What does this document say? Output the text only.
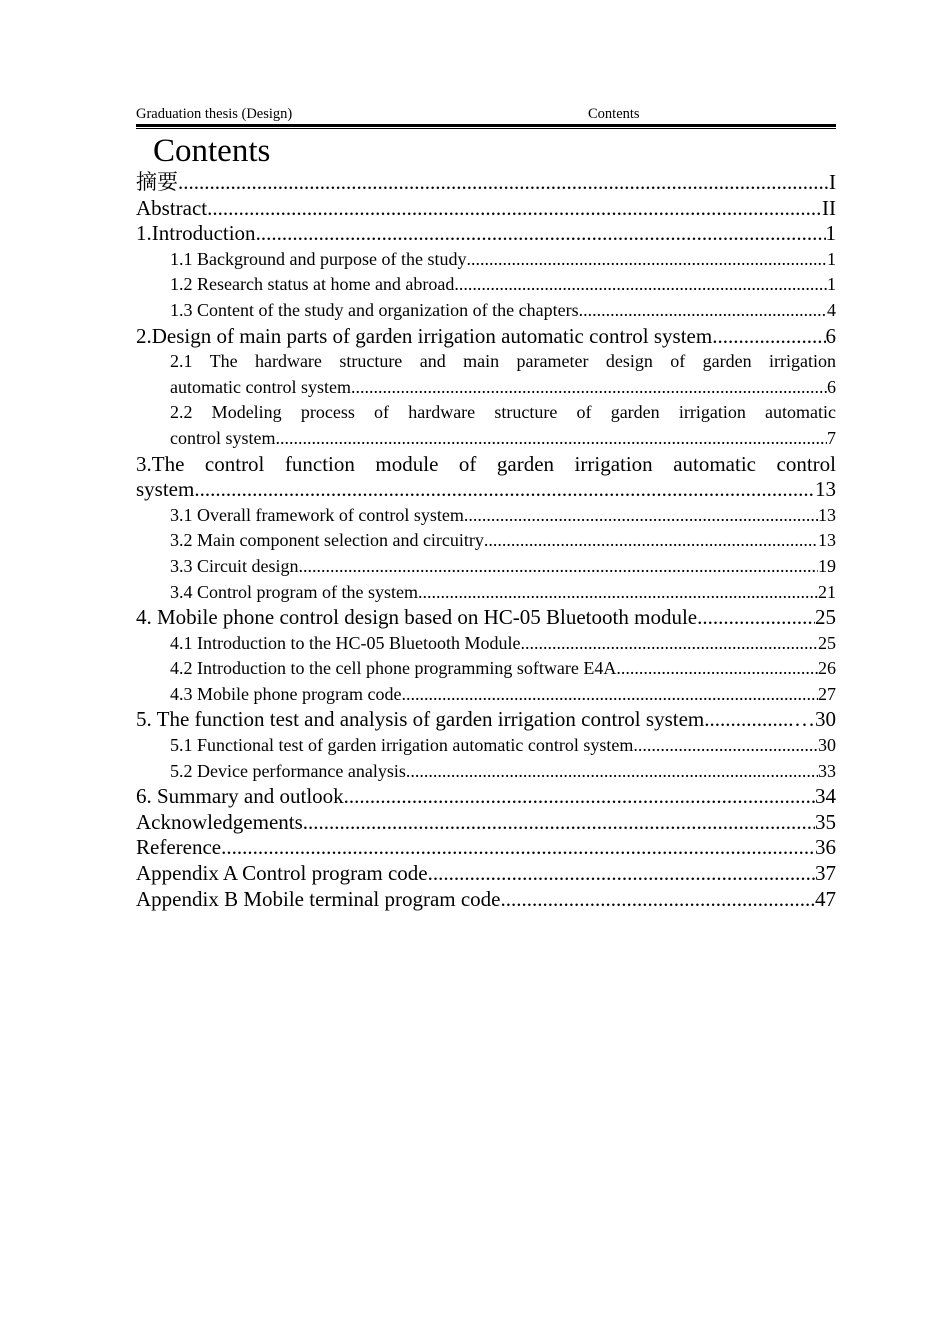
Graduation thesis (Design)	Contents
Contents
摘要 .....	I
Abstract .....	II
1.Introduction .....	1
1.1 Background and purpose of the study .....	1
1.2 Research status at home and abroad .....	1
1.3 Content of the study and organization of the chapters .....	4
2.Design of main parts of garden irrigation automatic control system .....	6
2.1 The hardware structure and main parameter design of garden irrigation
automatic control system .....	6
2.2 Modeling process of hardware structure of garden irrigation automatic
control system .....	7
3.The control function module of garden irrigation automatic control
system .....	13
3.1 Overall framework of control system .....	13
3.2 Main component selection and circuitry .....	13
3.3 Circuit design .....	19
3.4 Control program of the system .....	21
4. Mobile phone control design based on HC-05 Bluetooth module .....	25
4.1 Introduction to the HC-05 Bluetooth Module .....	25
4.2 Introduction to the cell phone programming software E4A .....	26
4.3 Mobile phone program code .....	27
5. The function test and analysis of garden irrigation control system .....	…30
5.1 Functional test of garden irrigation automatic control system .....	30
5.2 Device performance analysis .....	33
6. Summary and outlook .....	34
Acknowledgements .....	35
Reference .....	36
Appendix A Control program code .....	37
Appendix B Mobile terminal program code .....	47
